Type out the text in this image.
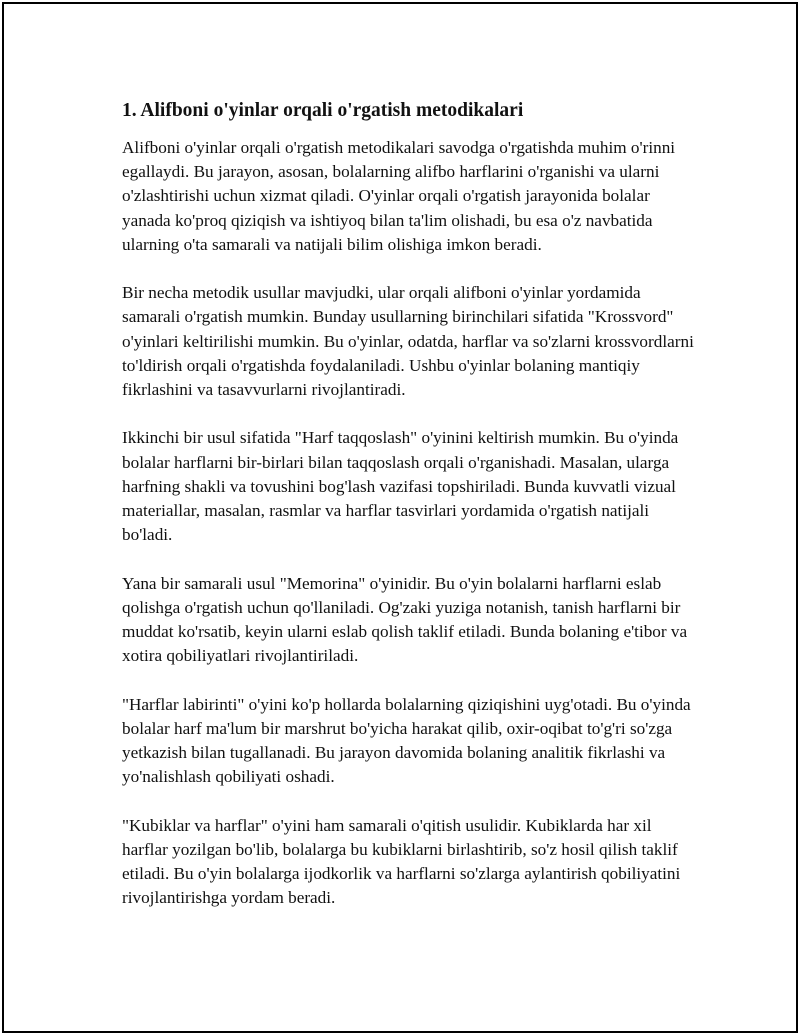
1. Alifboni o'yinlar orqali o'rgatish metodikalari

Alifboni o'yinlar orqali o'rgatish metodikalari savodga o'rgatishda muhim o'rinni egallaydi. Bu jarayon, asosan, bolalarning alifbo harflarini o'rganishi va ularni o'zlashtirishi uchun xizmat qiladi. O'yinlar orqali o'rgatish jarayonida bolalar yanada ko'proq qiziqish va ishtiyoq bilan ta'lim olishadi, bu esa o'z navbatida ularning o'ta samarali va natijali bilim olishiga imkon beradi.

Bir necha metodik usullar mavjudki, ular orqali alifboni o'yinlar yordamida samarali o'rgatish mumkin. Bunday usullarning birinchilari sifatida "Krossvord" o'yinlari keltirilishi mumkin. Bu o'yinlar, odatda, harflar va so'zlarni krossvordlarni to'ldirish orqali o'rgatishda foydalaniladi. Ushbu o'yinlar bolaning mantiqiy fikrlashini va tasavvurlarni rivojlantiradi.

Ikkinchi bir usul sifatida "Harf taqqoslash" o'yinini keltirish mumkin. Bu o'yinda bolalar harflarni bir-birlari bilan taqqoslash orqali o'rganishadi. Masalan, ularga harfning shakli va tovushini bog'lash vazifasi topshiriladi. Bunda kuvvatli vizual materiallar, masalan, rasmlar va harflar tasvirlari yordamida o'rgatish natijali bo'ladi.

Yana bir samarali usul "Memorina" o'yinidir. Bu o'yin bolalarni harflarni eslab qolishga o'rgatish uchun qo'llaniladi. Og'zaki yuziga notanish, tanish harflarni bir muddat ko'rsatib, keyin ularni eslab qolish taklif etiladi. Bunda bolaning e'tibor va xotira qobiliyatlari rivojlantiriladi.

"Harflar labirinti" o'yini ko'p hollarda bolalarning qiziqishini uyg'otadi. Bu o'yinda bolalar harf ma'lum bir marshrut bo'yicha harakat qilib, oxir-oqibat to'g'ri so'zga yetkazish bilan tugallanadi. Bu jarayon davomida bolaning analitik fikrlashi va yo'nalishlash qobiliyati oshadi.

"Kubiklar va harflar" o'yini ham samarali o'qitish usulidir. Kubiklarda har xil harflar yozilgan bo'lib, bolalarga bu kubiklarni birlashtirib, so'z hosil qilish taklif etiladi. Bu o'yin bolalarga ijodkorlik va harflarni so'zlarga aylantirish qobiliyatini rivojlantirishga yordam beradi.
